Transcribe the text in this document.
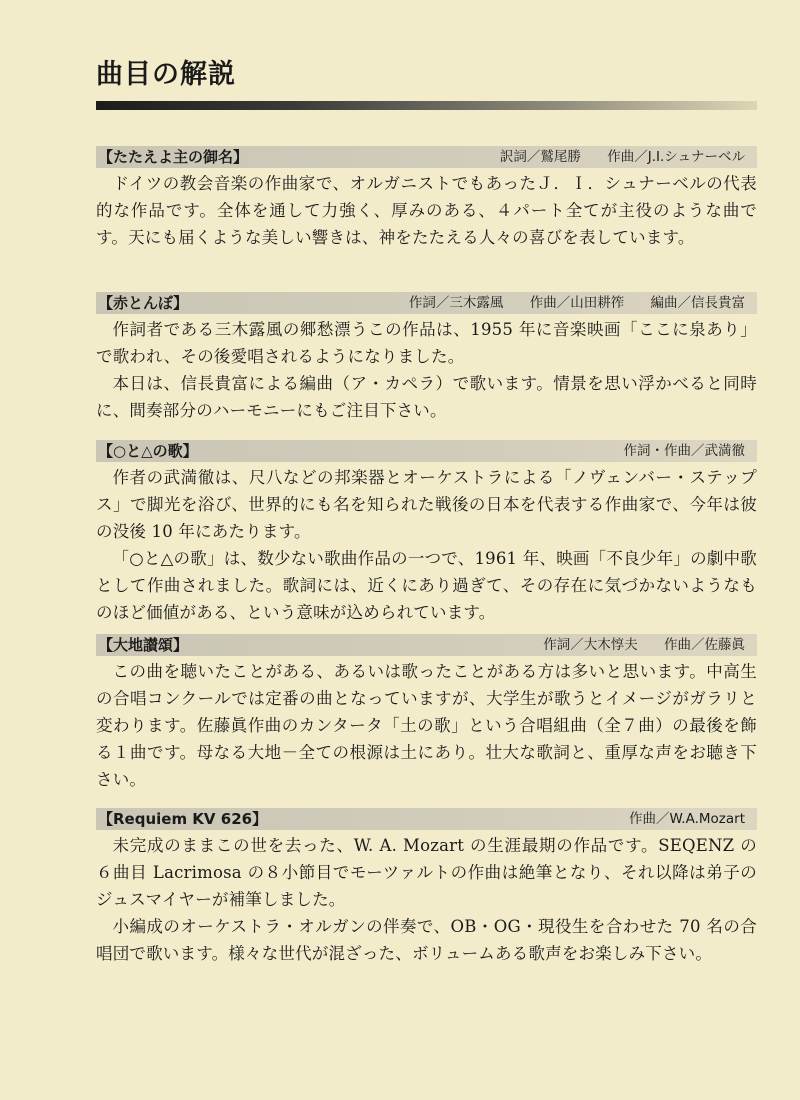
曲目の解説
【たたえよ主の御名】	訳詞／鷲尾勝 作曲／J.I.シュナーベル

ドイツの教会音楽の作曲家で、オルガニストでもあったＪ．Ｉ．シュナーベルの代表的な作品です。全体を通して力強く、厚みのある、４パート全てが主役のような曲です。天にも届くような美しい響きは、神をたたえる人々の喜びを表しています。

【赤とんぼ】	作詞／三木露風 作曲／山田耕筰 編曲／信長貴富

作詞者である三木露風の郷愁漂うこの作品は、1955 年に音楽映画「ここに泉あり」で歌われ、その後愛唱されるようになりました。

本日は、信長貴富による編曲（ア・カペラ）で歌います。情景を思い浮かべると同時に、間奏部分のハーモニーにもご注目下さい。

【○と△の歌】	作詞・作曲／武満徹

作者の武満徹は、尺八などの邦楽器とオーケストラによる「ノヴェンバー・ステップス」で脚光を浴び、世界的にも名を知られた戦後の日本を代表する作曲家で、今年は彼の没後 10 年にあたります。

「○と△の歌」は、数少ない歌曲作品の一つで、1961 年、映画「不良少年」の劇中歌として作曲されました。歌詞には、近くにあり過ぎて、その存在に気づかないようなものほど価値がある、という意味が込められています。

【大地讃頌】	作詞／大木惇夫 作曲／佐藤眞

この曲を聴いたことがある、あるいは歌ったことがある方は多いと思います。中高生の合唱コンクールでは定番の曲となっていますが、大学生が歌うとイメージがガラリと変わります。佐藤眞作曲のカンタータ「土の歌」という合唱組曲（全７曲）の最後を飾る１曲です。母なる大地－全ての根源は土にあり。壮大な歌詞と、重厚な声をお聴き下さい。

【Requiem KV 626】	作曲／W.A.Mozart

未完成のままこの世を去った、W. A. Mozart の生涯最期の作品です。SEQENZ の６曲目 Lacrimosa の８小節目でモーツァルトの作曲は絶筆となり、それ以降は弟子のジュスマイヤーが補筆しました。

小編成のオーケストラ・オルガンの伴奏で、OB・OG・現役生を合わせた 70 名の合唱団で歌います。様々な世代が混ざった、ボリュームある歌声をお楽しみ下さい。
